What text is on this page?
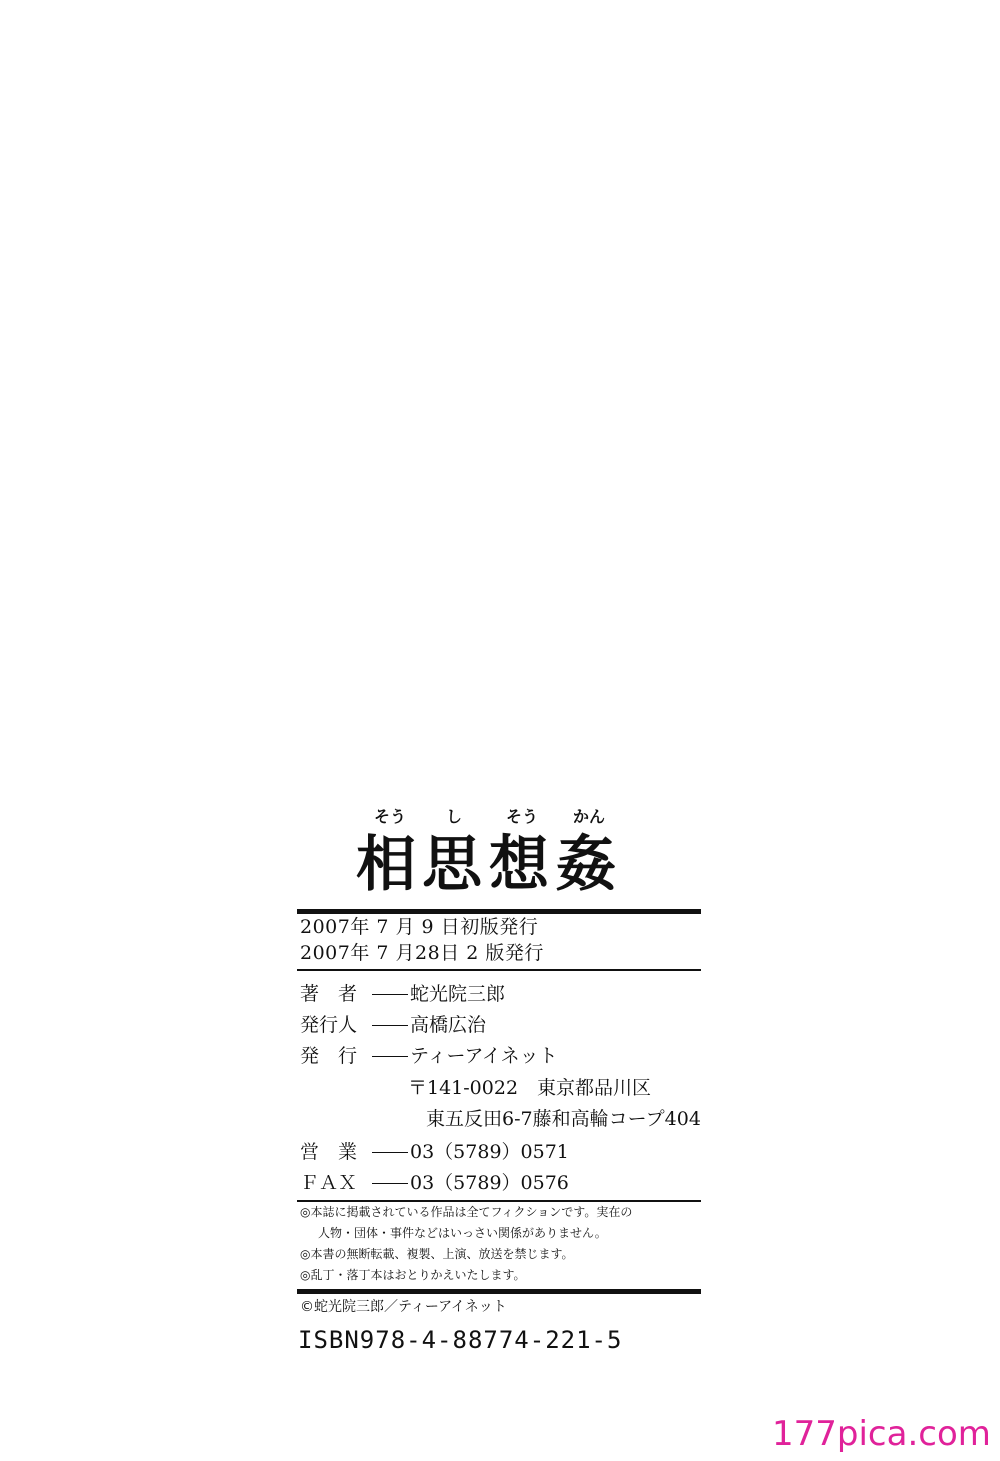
そう し	そう かん
相 思 想 姦
2007年 7 月 9 日初版発行
2007年 7 月28日 2 版発行
著　者	蛇光院三郎
発行人	高橋広治
発　行	ティーアイネット
〒141-0022　東京都品川区
東五反田6-7藤和高輪コープ404
営　業	03（5789）0571
ＦＡＸ	03（5789）0576
◎本誌に掲載されている作品は全てフィクションです。実在の
人物・団体・事件などはいっさい関係がありません。
◎本書の無断転載、複製、上演、放送を禁じます。
◎乱丁・落丁本はおとりかえいたします。
©蛇光院三郎／ティーアイネット
ISBN978-4-88774-221-5
177pica.com
